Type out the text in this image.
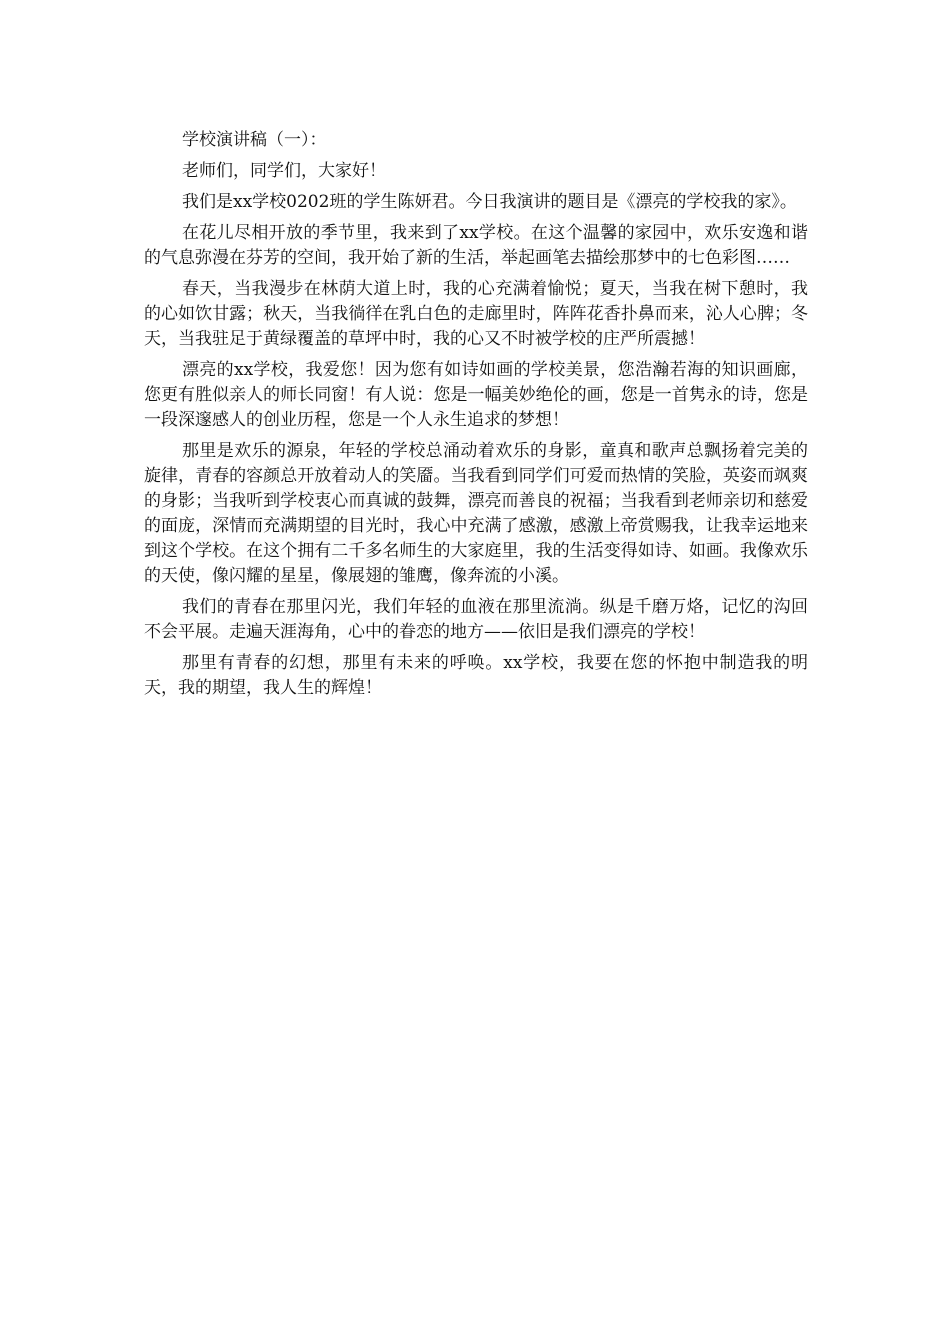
学校演讲稿（一）：

老师们，同学们，大家好！

我们是xx学校0202班的学生陈妍君。今日我演讲的题目是《漂亮的学校我的家》。

在花儿尽相开放的季节里，我来到了xx学校。在这个温馨的家园中，欢乐安逸和谐的气息弥漫在芬芳的空间，我开始了新的生活，举起画笔去描绘那梦中的七色彩图……

春天，当我漫步在林荫大道上时，我的心充满着愉悦；夏天，当我在树下憩时，我的心如饮甘露；秋天，当我徜徉在乳白色的走廊里时，阵阵花香扑鼻而来，沁人心脾；冬天，当我驻足于黄绿覆盖的草坪中时，我的心又不时被学校的庄严所震撼！

漂亮的xx学校，我爱您！因为您有如诗如画的学校美景，您浩瀚若海的知识画廊，您更有胜似亲人的师长同窗！有人说：您是一幅美妙绝伦的画，您是一首隽永的诗，您是一段深邃感人的创业历程，您是一个人永生追求的梦想！

那里是欢乐的源泉，年轻的学校总涌动着欢乐的身影，童真和歌声总飘扬着完美的旋律，青春的容颜总开放着动人的笑靥。当我看到同学们可爱而热情的笑脸，英姿而飒爽的身影；当我听到学校衷心而真诚的鼓舞，漂亮而善良的祝福；当我看到老师亲切和慈爱的面庞，深情而充满期望的目光时，我心中充满了感激，感激上帝赏赐我，让我幸运地来到这个学校。在这个拥有二千多名师生的大家庭里，我的生活变得如诗、如画。我像欢乐的天使，像闪耀的星星，像展翅的雏鹰，像奔流的小溪。

我们的青春在那里闪光，我们年轻的血液在那里流淌。纵是千磨万烙，记忆的沟回不会平展。走遍天涯海角，心中的眷恋的地方——依旧是我们漂亮的学校！

那里有青春的幻想，那里有未来的呼唤。xx学校，我要在您的怀抱中制造我的明天，我的期望，我人生的辉煌！
